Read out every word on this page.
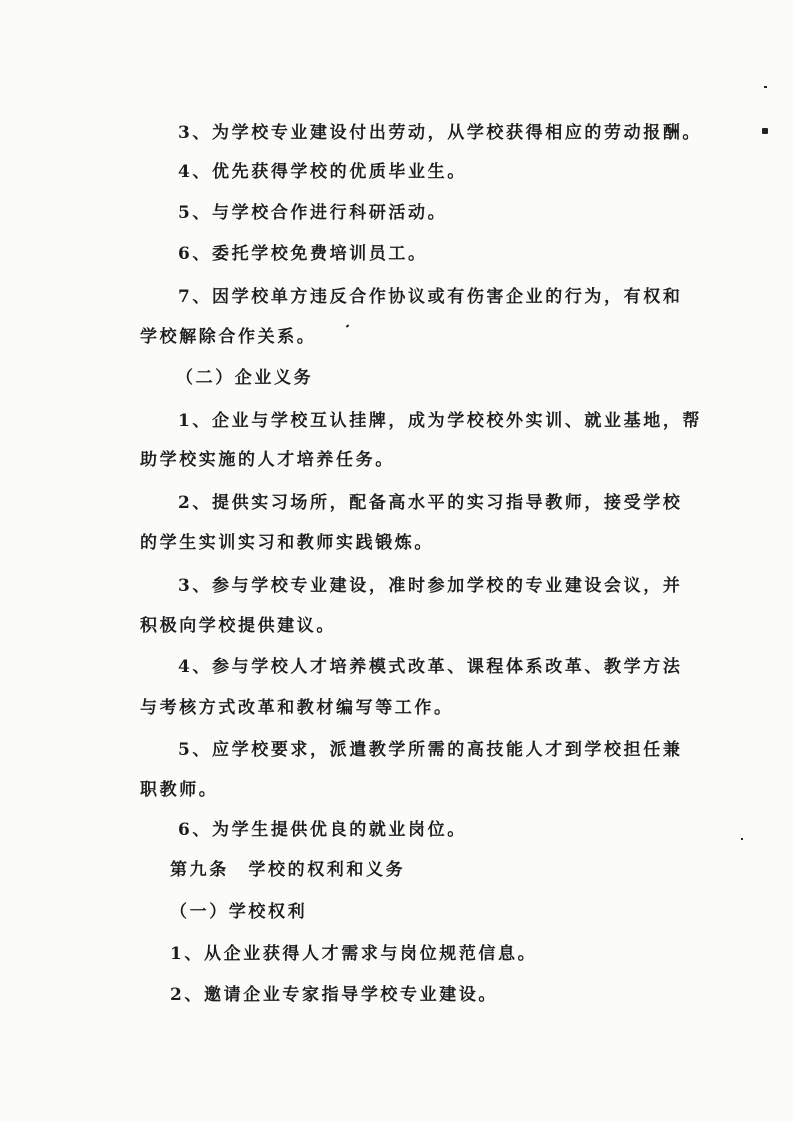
3、为学校专业建设付出劳动，从学校获得相应的劳动报酬。
4、优先获得学校的优质毕业生。
5、与学校合作进行科研活动。
6、委托学校免费培训员工。
7、因学校单方违反合作协议或有伤害企业的行为，有权和
学校解除合作关系。
（二）企业义务
1、企业与学校互认挂牌，成为学校校外实训、就业基地，帮
助学校实施的人才培养任务。
2、提供实习场所，配备高水平的实习指导教师，接受学校
的学生实训实习和教师实践锻炼。
3、参与学校专业建设，准时参加学校的专业建设会议，并
积极向学校提供建议。
4、参与学校人才培养模式改革、课程体系改革、教学方法
与考核方式改革和教材编写等工作。
5、应学校要求，派遣教学所需的高技能人才到学校担任兼
职教师。
6、为学生提供优良的就业岗位。
第九条　学校的权利和义务
（一）学校权利
1、从企业获得人才需求与岗位规范信息。
2、邀请企业专家指导学校专业建设。
